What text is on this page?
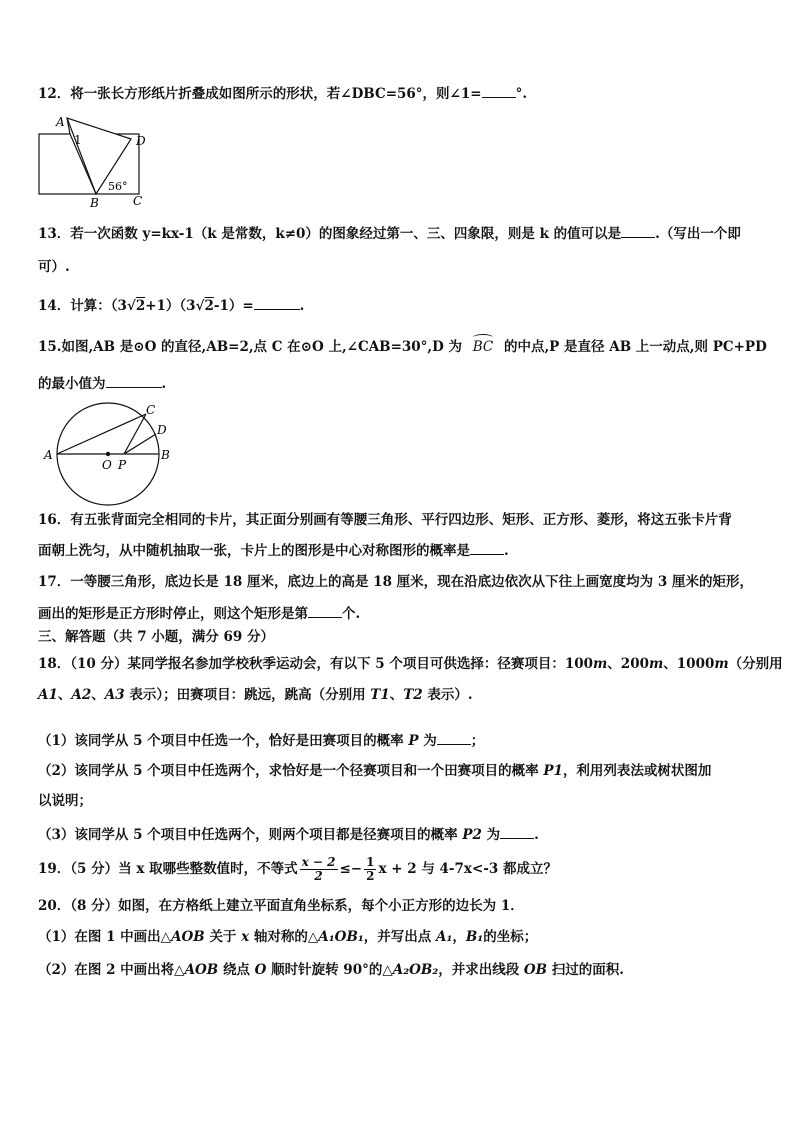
12．将一张长方形纸片折叠成如图所示的形状，若∠DBC=56°，则∠1=	°.
A
1	D
56°
B	C
13．若一次函数 y=kx-1（k 是常数，k≠0）的图象经过第一、三、四象限，则是 k 的值可以是	.（写出一个即
可）.
14．计算：（3√2+1）（3√2-1）=	.
15.如图,AB 是⊙O 的直径,AB=2,点 C 在⊙O 上,∠CAB=30°,D 为 BC 的中点,P 是直径 AB 上一动点,则 PC+PD
的最小值为	.
A	B
C
D
O P
16．有五张背面完全相同的卡片，其正面分别画有等腰三角形、平行四边形、矩形、正方形、菱形，将这五张卡片背
面朝上洗匀，从中随机抽取一张，卡片上的图形是中心对称图形的概率是	.
17．一等腰三角形，底边长是 18 厘米，底边上的高是 18 厘米，现在沿底边依次从下往上画宽度均为 3 厘米的矩形，
画出的矩形是正方形时停止，则这个矩形是第	个.
三、解答题（共 7 小题，满分 69 分）
18．（10 分）某同学报名参加学校秋季运动会，有以下 5 个项目可供选择：径赛项目：100m、200m、1000m（分别用
A1、A2、A3 表示）；田赛项目：跳远，跳高（分别用 T1、T2 表示）.
（1）该同学从 5 个项目中任选一个，恰好是田赛项目的概率 P 为	；
（2）该同学从 5 个项目中任选两个，求恰好是一个径赛项目和一个田赛项目的概率 P1，利用列表法或树状图加
以说明；
（3）该同学从 5 个项目中任选两个，则两个项目都是径赛项目的概率 P2 为	.
19．（5 分）当 x 取哪些整数值时，不等式 $\frac{x - 2}{2} \le- \frac{1}{2}$ x + 2 与 4-7x<-3 都成立？
20．（8 分）如图，在方格纸上建立平面直角坐标系，每个小正方形的边长为 1．
（1）在图 1 中画出△AOB 关于 x 轴对称的△A₁OB₁，并写出点 A₁，B₁的坐标；
（2）在图 2 中画出将△AOB 绕点 O 顺时针旋转 90°的△A₂OB₂，并求出线段 OB 扫过的面积.
